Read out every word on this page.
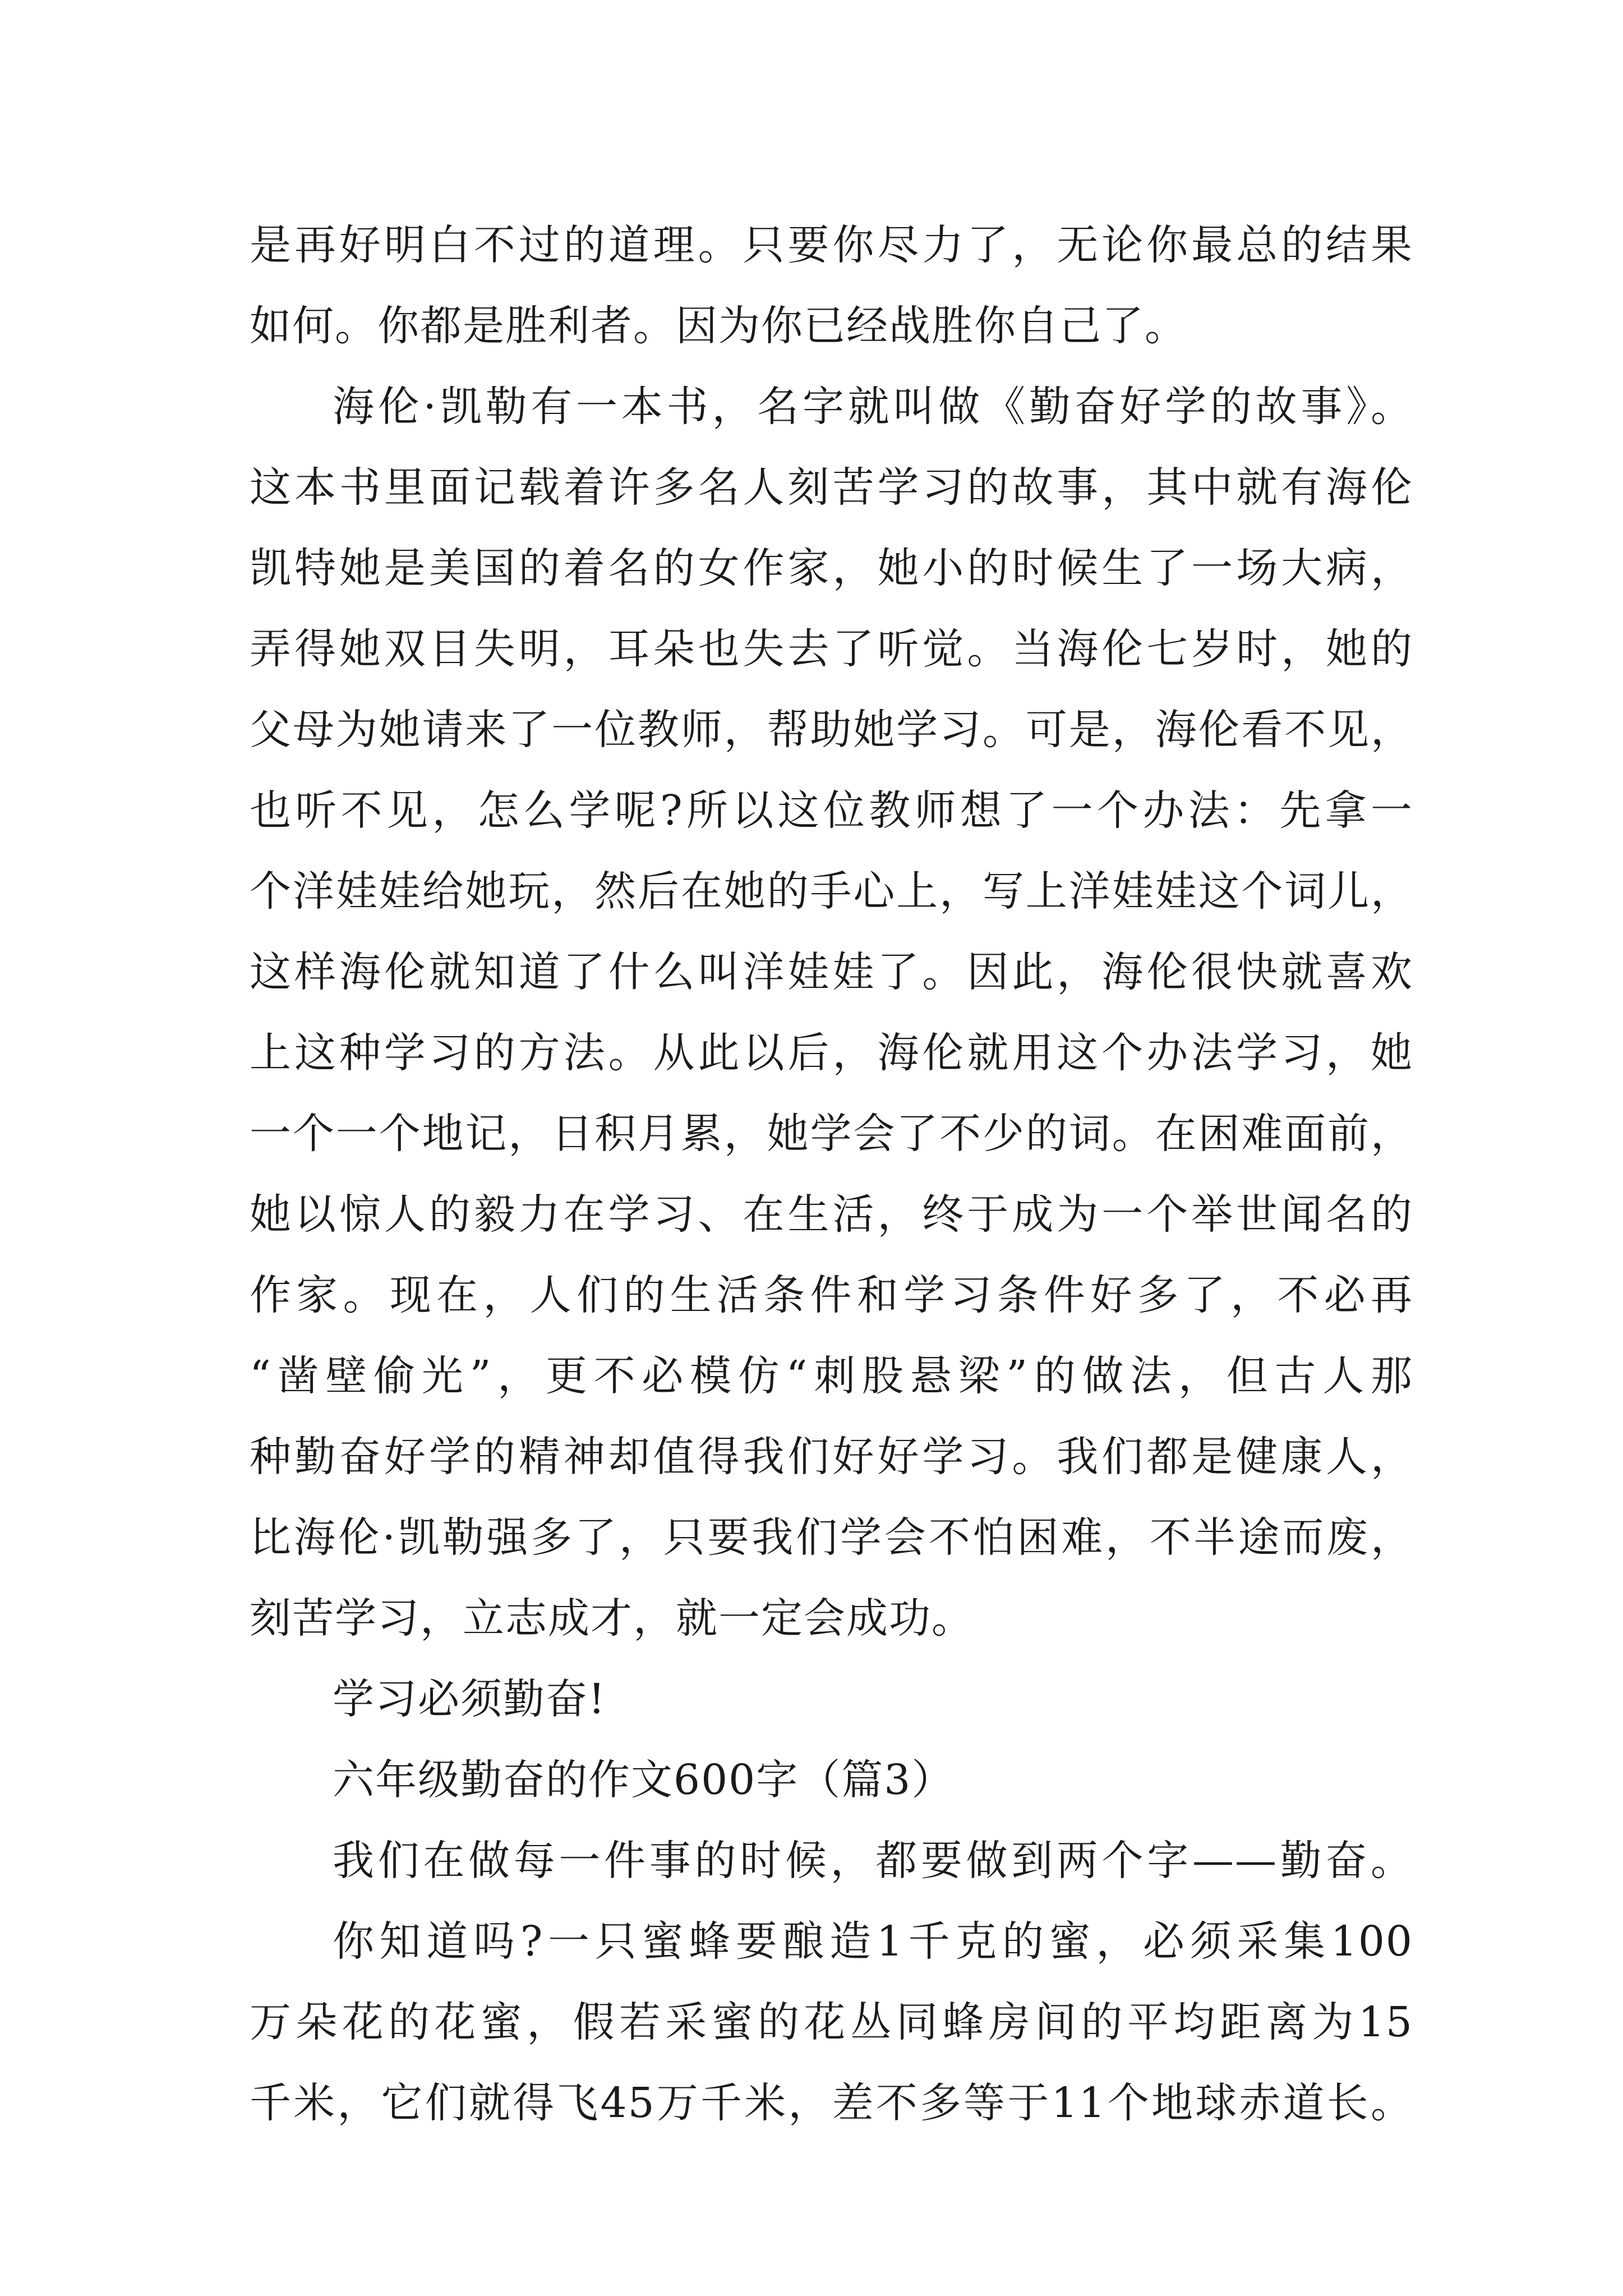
是再好明白不过的道理。只要你尽力了，无论你最总的结果
如何。你都是胜利者。因为你已经战胜你自己了。
海伦·凯勒有一本书，名字就叫做《勤奋好学的故事》。
这本书里面记载着许多名人刻苦学习的故事，其中就有海伦
凯特她是美国的着名的女作家，她小的时候生了一场大病，
弄得她双目失明，耳朵也失去了听觉。当海伦七岁时，她的
父母为她请来了一位教师，帮助她学习。可是，海伦看不见，
也听不见，怎么学呢?所以这位教师想了一个办法：先拿一
个洋娃娃给她玩，然后在她的手心上，写上洋娃娃这个词儿，
这样海伦就知道了什么叫洋娃娃了。因此，海伦很快就喜欢
上这种学习的方法。从此以后，海伦就用这个办法学习，她
一个一个地记，日积月累，她学会了不少的词。在困难面前，
她以惊人的毅力在学习、在生活，终于成为一个举世闻名的
作家。现在，人们的生活条件和学习条件好多了，不必再
“凿壁偷光”，更不必模仿“刺股悬梁”的做法，但古人那
种勤奋好学的精神却值得我们好好学习。我们都是健康人，
比海伦·凯勒强多了，只要我们学会不怕困难，不半途而废，
刻苦学习，立志成才，就一定会成功。
学习必须勤奋!
六年级勤奋的作文600字（篇3）
我们在做每一件事的时候，都要做到两个字——勤奋。
你知道吗?一只蜜蜂要酿造1千克的蜜，必须采集100
万朵花的花蜜，假若采蜜的花丛同蜂房间的平均距离为15
千米，它们就得飞45万千米，差不多等于11个地球赤道长。
